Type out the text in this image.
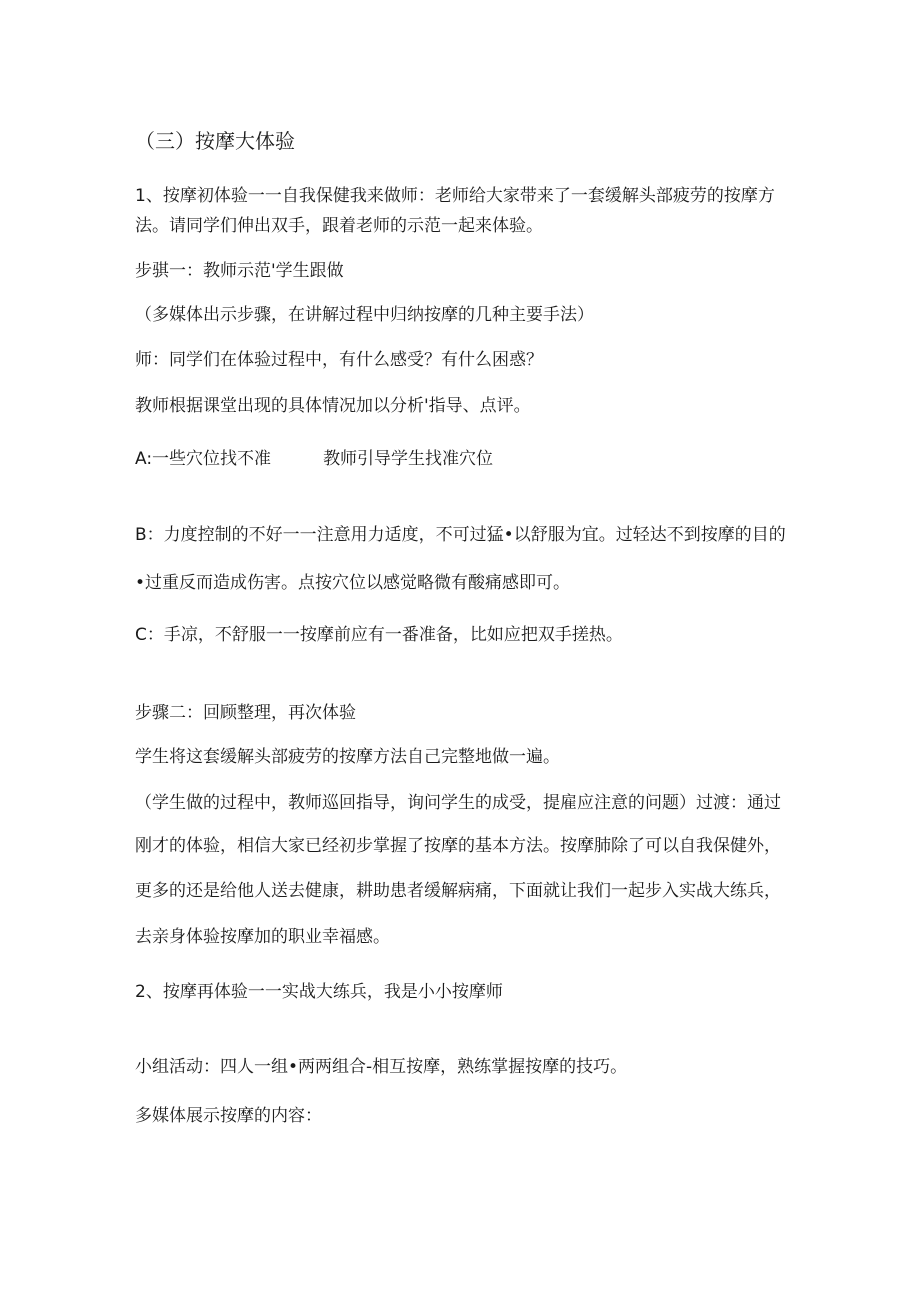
（三）按摩大体验
1、按摩初体验一一自我保健我来做师：老师给大家带来了一套缓解头部疲劳的按摩方
法。请同学们伸出双手，跟着老师的示范一起来体验。
步骐一：教师示范'学生跟做
（多媒体出示步骤，在讲解过程中归纳按摩的几种主要手法）
师：同学们在体验过程中，有什么感受？有什么困惑？
教师根据课堂出现的具体情况加以分析'指导、点评。
A:一些穴位找不准	教师引导学生找准穴位
B：力度控制的不好一一注意用力适度，不可过猛•以舒服为宜。过轻达不到按摩的目的
•过重反而造成伤害。点按穴位以感觉略微有酸痛感即可。
C：手凉，不舒服一一按摩前应有一番准备，比如应把双手搓热。
步骤二：回顾整理，再次体验
学生将这套缓解头部疲劳的按摩方法自己完整地做一遍。
（学生做的过程中，教师巡回指导，询问学生的成受，提雇应注意的问题）过渡：通过
刚才的体验，相信大家已经初步掌握了按摩的基本方法。按摩肺除了可以自我保健外，
更多的还是给他人送去健康，耕助患者缓解病痛，下面就让我们一起步入实战大练兵，
去亲身体验按摩加的职业幸福感。
2、按摩再体验一一实战大练兵，我是小小按摩师
小组活动：四人一组•两两组合-相互按摩，熟练掌握按摩的技巧。
多媒体展示按摩的内容：
